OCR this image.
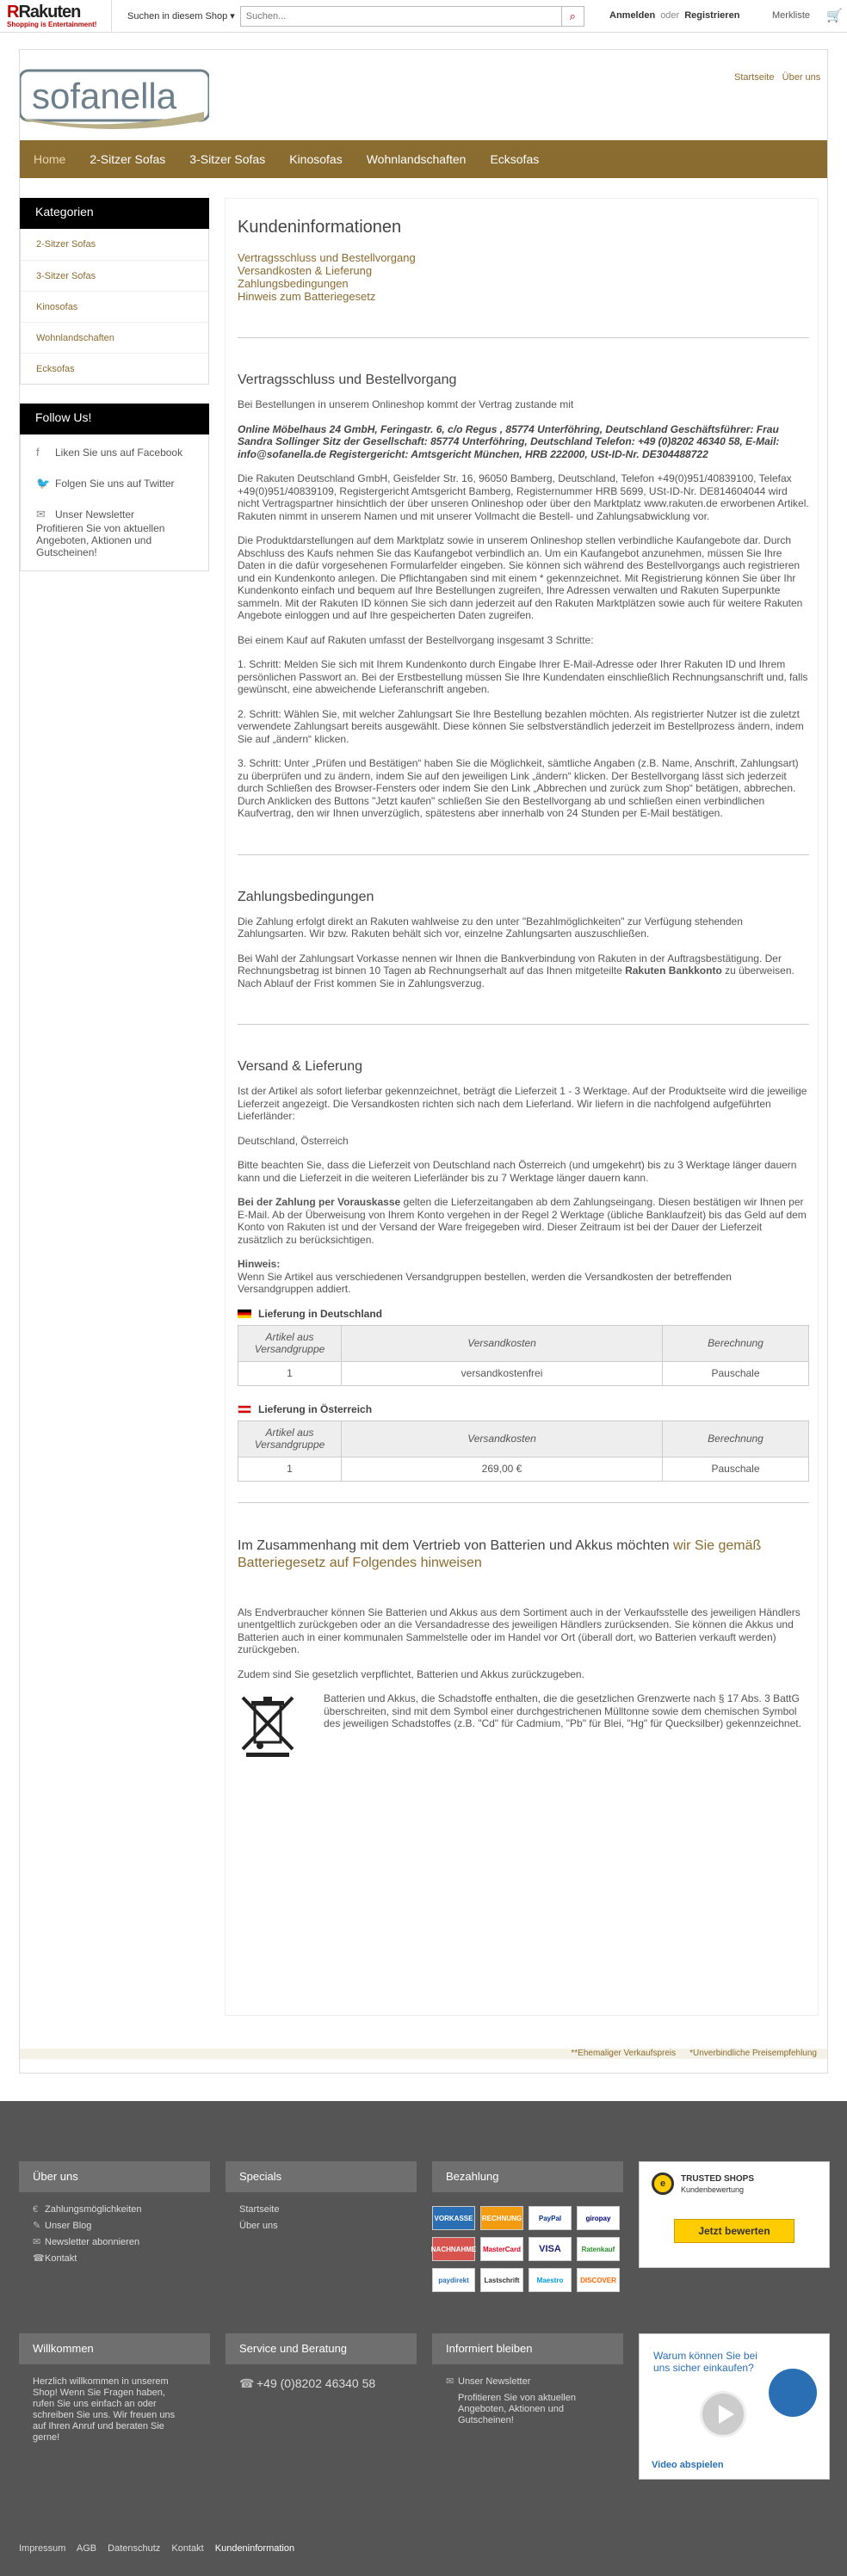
RRakuten
Shopping is Entertainment!
Suchen in diesem Shop ▾
Suchen...	⌕	Anmelden oder Registrieren	Merkliste 🛒
sofanella	Startseite Über uns
Home 2-Sitzer Sofas 3-Sitzer Sofas Kinosofas Wohnlandschaften Ecksofas
Kategorien
2-Sitzer Sofas
3-Sitzer Sofas
Kinosofas
Wohnlandschaften
Ecksofas
Follow Us!
f	Liken Sie uns auf Facebook
🐦 Folgen Sie uns auf Twitter
✉ Unser Newsletter
Profitieren Sie von aktuellen Angeboten, Aktionen und Gutscheinen!
Kundeninformationen
Vertragsschluss und Bestellvorgang
Versandkosten & Lieferung
Zahlungsbedingungen
Hinweis zum Batteriegesetz
Vertragsschluss und Bestellvorgang

Bei Bestellungen in unserem Onlineshop kommt der Vertrag zustande mit

Online Möbelhaus 24 GmbH, Feringastr. 6, c/o Regus , 85774 Unterföhring, Deutschland Geschäftsführer: Frau Sandra Sollinger Sitz der Gesellschaft: 85774 Unterföhring, Deutschland Telefon: +49 (0)8202 46340 58, E-Mail: info@sofanella.de Registergericht: Amtsgericht München, HRB 222000, USt-ID-Nr. DE304488722

Die Rakuten Deutschland GmbH, Geisfelder Str. 16, 96050 Bamberg, Deutschland, Telefon +49(0)951/40839100, Telefax +49(0)951/40839109, Registergericht Amtsgericht Bamberg, Registernummer HRB 5699, USt-ID-Nr. DE814604044 wird nicht Vertragspartner hinsichtlich der über unseren Onlineshop oder über den Marktplatz www.rakuten.de erworbenen Artikel. Rakuten nimmt in unserem Namen und mit unserer Vollmacht die Bestell- und Zahlungsabwicklung vor.

Die Produktdarstellungen auf dem Marktplatz sowie in unserem Onlineshop stellen verbindliche Kaufangebote dar. Durch Abschluss des Kaufs nehmen Sie das Kaufangebot verbindlich an. Um ein Kaufangebot anzunehmen, müssen Sie Ihre Daten in die dafür vorgesehenen Formularfelder eingeben. Sie können sich während des Bestellvorgangs auch registrieren und ein Kundenkonto anlegen. Die Pflichtangaben sind mit einem * gekennzeichnet. Mit Registrierung können Sie über Ihr Kundenkonto einfach und bequem auf Ihre Bestellungen zugreifen, Ihre Adressen verwalten und Rakuten Superpunkte sammeln. Mit der Rakuten ID können Sie sich dann jederzeit auf den Rakuten Marktplätzen sowie auch für weitere Rakuten Angebote einloggen und auf Ihre gespeicherten Daten zugreifen.

Bei einem Kauf auf Rakuten umfasst der Bestellvorgang insgesamt 3 Schritte:

1. Schritt: Melden Sie sich mit Ihrem Kundenkonto durch Eingabe Ihrer E-Mail-Adresse oder Ihrer Rakuten ID und Ihrem persönlichen Passwort an. Bei der Erstbestellung müssen Sie Ihre Kundendaten einschließlich Rechnungsanschrift und, falls gewünscht, eine abweichende Lieferanschrift angeben.

2. Schritt: Wählen Sie, mit welcher Zahlungsart Sie Ihre Bestellung bezahlen möchten. Als registrierter Nutzer ist die zuletzt verwendete Zahlungsart bereits ausgewählt. Diese können Sie selbstverständlich jederzeit im Bestellprozess ändern, indem Sie auf „ändern“ klicken.

3. Schritt: Unter „Prüfen und Bestätigen“ haben Sie die Möglichkeit, sämtliche Angaben (z.B. Name, Anschrift, Zahlungsart) zu überprüfen und zu ändern, indem Sie auf den jeweiligen Link „ändern“ klicken. Der Bestellvorgang lässt sich jederzeit durch Schließen des Browser-Fensters oder indem Sie den Link „Abbrechen und zurück zum Shop“ betätigen, abbrechen. Durch Anklicken des Buttons "Jetzt kaufen" schließen Sie den Bestellvorgang ab und schließen einen verbindlichen Kaufvertrag, den wir Ihnen unverzüglich, spätestens aber innerhalb von 24 Stunden per E-Mail bestätigen.

Zahlungsbedingungen

Die Zahlung erfolgt direkt an Rakuten wahlweise zu den unter "Bezahlmöglichkeiten" zur Verfügung stehenden Zahlungsarten. Wir bzw. Rakuten behält sich vor, einzelne Zahlungsarten auszuschließen.

Bei Wahl der Zahlungsart Vorkasse nennen wir Ihnen die Bankverbindung von Rakuten in der Auftragsbestätigung. Der Rechnungsbetrag ist binnen 10 Tagen ab Rechnungserhalt auf das Ihnen mitgeteilte Rakuten Bankkonto zu überweisen. Nach Ablauf der Frist kommen Sie in Zahlungsverzug.

Versand & Lieferung

Ist der Artikel als sofort lieferbar gekennzeichnet, beträgt die Lieferzeit 1 - 3 Werktage. Auf der Produktseite wird die jeweilige Lieferzeit angezeigt. Die Versandkosten richten sich nach dem Lieferland. Wir liefern in die nachfolgend aufgeführten Lieferländer:

Deutschland, Österreich

Bitte beachten Sie, dass die Lieferzeit von Deutschland nach Österreich (und umgekehrt) bis zu 3 Werktage länger dauern kann und die Lieferzeit in die weiteren Lieferländer bis zu 7 Werktage länger dauern kann.

Bei der Zahlung per Vorauskasse gelten die Lieferzeitangaben ab dem Zahlungseingang. Diesen bestätigen wir Ihnen per E-Mail. Ab der Überweisung von Ihrem Konto vergehen in der Regel 2 Werktage (übliche Banklaufzeit) bis das Geld auf dem Konto von Rakuten ist und der Versand der Ware freigegeben wird. Dieser Zeitraum ist bei der Dauer der Lieferzeit zusätzlich zu berücksichtigen.

Hinweis:
Wenn Sie Artikel aus verschiedenen Versandgruppen bestellen, werden die Versandkosten der betreffenden Versandgruppen addiert.

Lieferung in Deutschland
Artikel aus Versandgruppe	Versandkosten	Berechnung
1	versandkostenfrei	Pauschale
Lieferung in Österreich
Artikel aus Versandgruppe	Versandkosten	Berechnung
1	269,00 €	Pauschale
Im Zusammenhang mit dem Vertrieb von Batterien und Akkus möchten wir Sie gemäß Batteriegesetz auf Folgendes hinweisen

Als Endverbraucher können Sie Batterien und Akkus aus dem Sortiment auch in der Verkaufsstelle des jeweiligen Händlers unentgeltlich zurückgeben oder an die Versandadresse des jeweiligen Händlers zurücksenden. Sie können die Akkus und Batterien auch in einer kommunalen Sammelstelle oder im Handel vor Ort (überall dort, wo Batterien verkauft werden) zurückgeben.

Zudem sind Sie gesetzlich verpflichtet, Batterien und Akkus zurückzugeben.

Batterien und Akkus, die Schadstoffe enthalten, die die gesetzlichen Grenzwerte nach § 17 Abs. 3 BattG überschreiten, sind mit dem Symbol einer durchgestrichenen Mülltonne sowie dem chemischen Symbol des jeweiligen Schadstoffes (z.B. "Cd" für Cadmium, "Pb" für Blei, "Hg" für Quecksilber) gekennzeichnet.

**Ehemaliger Verkaufspreis *Unverbindliche Preisempfehlung
Über uns
€ Zahlungsmöglichkeiten
✎ Unser Blog
✉ Newsletter abonnieren
☎ Kontakt
Specials
Startseite
Über uns
Bezahlung
VORKASSE	RECHNUNG	PayPal	giropay
NACHNAHME MasterCard	VISA	Ratenkauf
paydirekt	Lastschrift	Maestro	DISCOVER
e	TRUSTED SHOPS
Kundenbewertung
Jetzt bewerten
Willkommen
Herzlich willkommen in unserem Shop! Wenn Sie Fragen haben, rufen Sie uns einfach an oder schreiben Sie uns. Wir freuen uns auf Ihren Anruf und beraten Sie gerne!
Service und Beratung
☎ +49 (0)8202 46340 58
Informiert bleiben
✉ Unser Newsletter
Profitieren Sie von aktuellen Angeboten, Aktionen und Gutscheinen!
Warum können Sie bei uns sicher einkaufen?
Video abspielen
Impressum AGB Datenschutz Kontakt Kundeninformation
